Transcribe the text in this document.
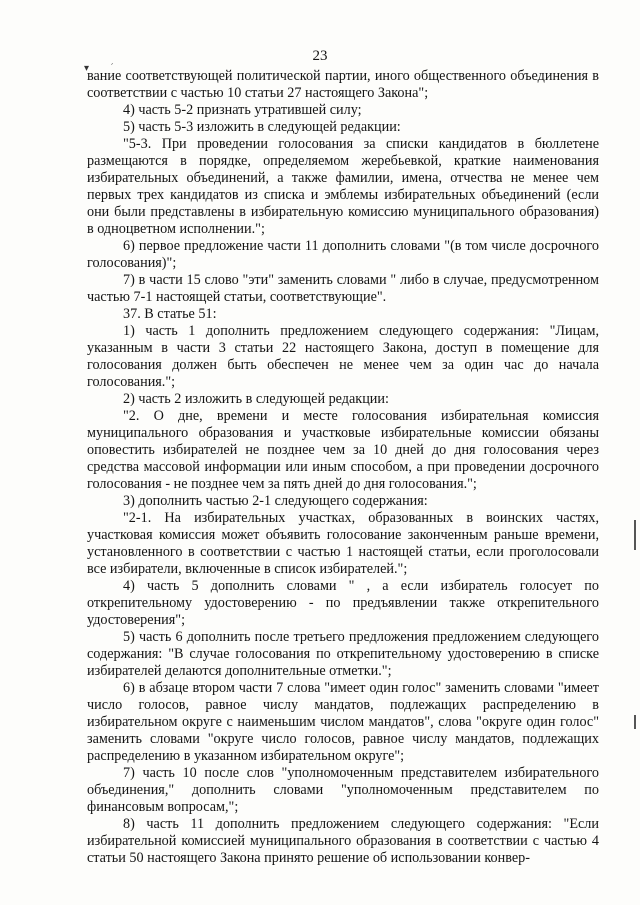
23
▾ ׳

вание соответствующей политической партии, иного общественного объединения в соответствии с частью 10 статьи 27 настоящего Закона";

4) часть 5-2 признать утратившей силу;

5) часть 5-3 изложить в следующей редакции:

"5-3. При проведении голосования за списки кандидатов в бюллетене размещаются в порядке, определяемом жеребьевкой, краткие наименования избирательных объединений, а также фамилии, имена, отчества не менее чем первых трех кандидатов из списка и эмблемы избирательных объединений (если они были представлены в избирательную комиссию муниципального образования) в одноцветном исполнении.";

6) первое предложение части 11 дополнить словами "(в том числе досрочного голосования)";

7) в части 15 слово "эти" заменить словами " либо в случае, предусмотренном частью 7-1 настоящей статьи, соответствующие".

37. В статье 51:

1) часть 1 дополнить предложением следующего содержания: "Лицам, указанным в части 3 статьи 22 настоящего Закона, доступ в помещение для голосования должен быть обеспечен не менее чем за один час до начала голосования.";

2) часть 2 изложить в следующей редакции:

"2. О дне, времени и месте голосования избирательная комиссия муниципального образования и участковые избирательные комиссии обязаны оповестить избирателей не позднее чем за 10 дней до дня голосования через средства массовой информации или иным способом, а при проведении досрочного голосования - не позднее чем за пять дней до дня голосования.";

3) дополнить частью 2-1 следующего содержания:

"2-1. На избирательных участках, образованных в воинских частях, участковая комиссия может объявить голосование законченным раньше времени, установленного в соответствии с частью 1 настоящей статьи, если проголосовали все избиратели, включенные в список избирателей.";

4) часть 5 дополнить словами " , а если избиратель голосует по открепительному удостоверению - по предъявлении также открепительного удостоверения";

5) часть 6 дополнить после третьего предложения предложением следующего содержания: "В случае голосования по открепительному удостоверению в списке избирателей делаются дополнительные отметки.";

6) в абзаце втором части 7 слова "имеет один голос" заменить словами "имеет число голосов, равное числу мандатов, подлежащих распределению в избирательном округе с наименьшим числом мандатов", слова "округе один голос" заменить словами "округе число голосов, равное числу мандатов, подлежащих распределению в указанном избирательном округе";

7) часть 10 после слов "уполномоченным представителем избирательного объединения," дополнить словами "уполномоченным представителем по финансовым вопросам,";

8) часть 11 дополнить предложением следующего содержания: "Если избирательной комиссией муниципального образования в соответствии с частью 4 статьи 50 настоящего Закона принято решение об использовании конвер-
